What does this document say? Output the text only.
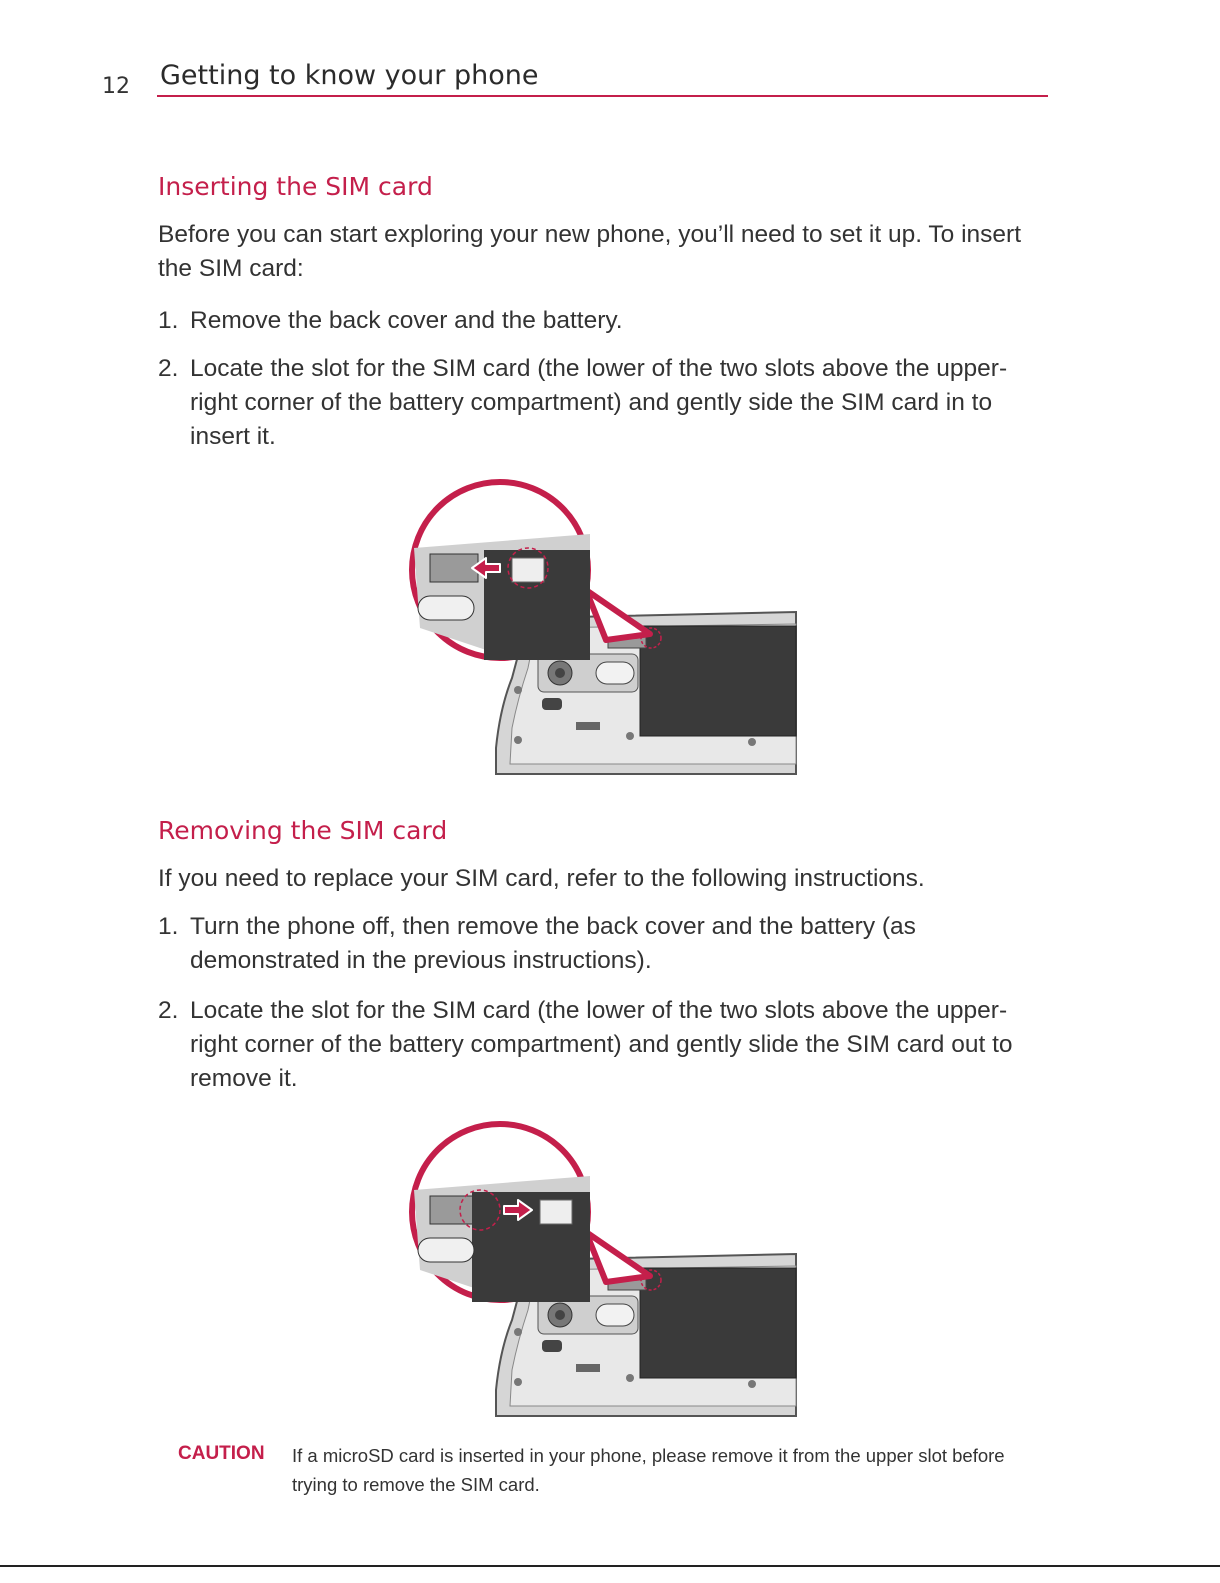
12 Getting to know your phone
Inserting the SIM card

Before you can start exploring your new phone, you’ll need to set it up. To insert the SIM card:

1. Remove the back cover and the battery.
2. Locate the slot for the SIM card (the lower of the two slots above the upper-right corner of the battery compartment) and gently side the SIM card in to insert it.
Removing the SIM card

If you need to replace your SIM card, refer to the following instructions.

1. Turn the phone off, then remove the back cover and the battery (as demonstrated in the previous instructions).
2. Locate the slot for the SIM card (the lower of the two slots above the upper-right corner of the battery compartment) and gently slide the SIM card out to remove it.
CAUTION If a microSD card is inserted in your phone, please remove it from the upper slot before trying to remove the SIM card.
